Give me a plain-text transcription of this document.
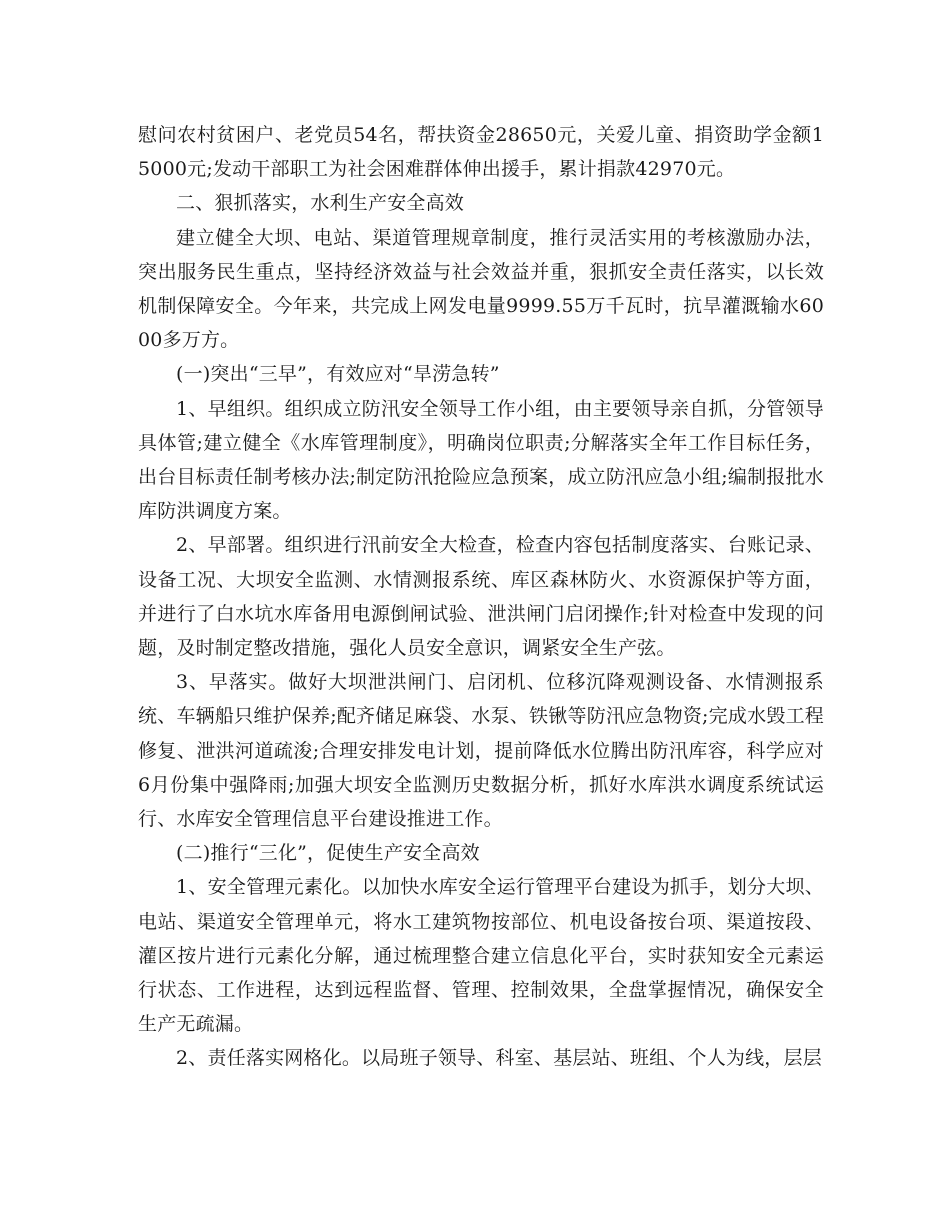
慰问农村贫困户、老党员54名，帮扶资金28650元，关爱儿童、捐资助学金额15000元;发动干部职工为社会困难群体伸出援手，累计捐款42970元。

二、狠抓落实，水利生产安全高效

建立健全大坝、电站、渠道管理规章制度，推行灵活实用的考核激励办法，突出服务民生重点，坚持经济效益与社会效益并重，狠抓安全责任落实，以长效机制保障安全。今年来，共完成上网发电量9999.55万千瓦时，抗旱灌溉输水6000多万方。

(一)突出“三早”，有效应对“旱涝急转”

1、早组织。组织成立防汛安全领导工作小组，由主要领导亲自抓，分管领导具体管;建立健全《水库管理制度》，明确岗位职责;分解落实全年工作目标任务，出台目标责任制考核办法;制定防汛抢险应急预案，成立防汛应急小组;编制报批水库防洪调度方案。

2、早部署。组织进行汛前安全大检查，检查内容包括制度落实、台账记录、设备工况、大坝安全监测、水情测报系统、库区森林防火、水资源保护等方面，并进行了白水坑水库备用电源倒闸试验、泄洪闸门启闭操作;针对检查中发现的问题，及时制定整改措施，强化人员安全意识，调紧安全生产弦。

3、早落实。做好大坝泄洪闸门、启闭机、位移沉降观测设备、水情测报系统、车辆船只维护保养;配齐储足麻袋、水泵、铁锹等防汛应急物资;完成水毁工程修复、泄洪河道疏浚;合理安排发电计划，提前降低水位腾出防汛库容，科学应对6月份集中强降雨;加强大坝安全监测历史数据分析，抓好水库洪水调度系统试运行、水库安全管理信息平台建设推进工作。

(二)推行“三化”，促使生产安全高效

1、安全管理元素化。以加快水库安全运行管理平台建设为抓手，划分大坝、电站、渠道安全管理单元，将水工建筑物按部位、机电设备按台项、渠道按段、灌区按片进行元素化分解，通过梳理整合建立信息化平台，实时获知安全元素运行状态、工作进程，达到远程监督、管理、控制效果，全盘掌握情况，确保安全生产无疏漏。

2、责任落实网格化。以局班子领导、科室、基层站、班组、个人为线，层层
